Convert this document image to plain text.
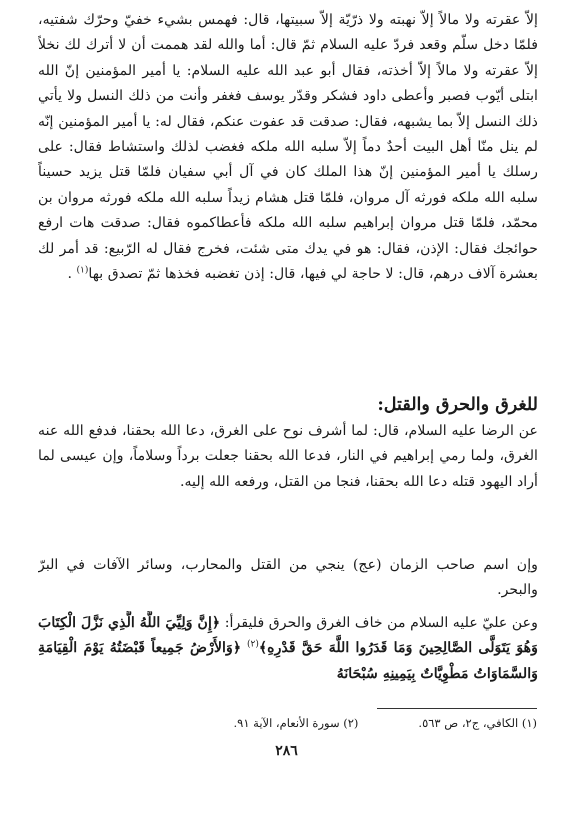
إلاّ عقرته ولا مالاً إلاّ نهبته ولا ذرّيّة إلاّ سبيتها، قال: فهمس بشيء خفيّ وحرّك شفتيه، فلمّا دخل سلّم وقعد فردّ عليه السلام ثمّ قال: أما والله لقد هممت أن لا أترك لك نخلاً إلاّ عقرته ولا مالاً إلاّ أخذته، فقال أبو عبد الله عليه السلام: يا أمير المؤمنين إنّ الله ابتلى أيّوب فصبر وأعطى داود فشكر وقدّر يوسف فغفر وأنت من ذلك النسل ولا يأتي ذلك النسل إلاّ بما يشبهه، فقال: صدقت قد عفوت عنكم، فقال له: يا أمير المؤمنين إنّه لم ينل منّا أهل البيت أحدٌ دماً إلاّ سلبه الله ملكه فغضب لذلك واستشاط فقال: على رسلك يا أمير المؤمنين إنّ هذا الملك كان في آل أبي سفيان فلمّا قتل يزيد حسيناً سلبه الله ملكه فورثه آل مروان، فلمّا قتل هشام زيداً سلبه الله ملكه فورثه مروان بن محمّد، فلمّا قتل مروان إبراهيم سلبه الله ملكه فأعطاكموه فقال: صدقت هات ارفع حوائجك فقال: الإذن، فقال: هو في يدك متى شئت، فخرج فقال له الرّبيع: قد أمر لك بعشرة آلاف درهم، قال: لا حاجة لي فيها، قال: إذن تغضبه فخذها ثمّ تصدق بها$^{(١)}$ .

للغرق والحرق والقتل:

عن الرضا عليه السلام، قال: لما أشرف نوح على الغرق، دعا الله بحقنا، فدفع الله عنه الغرق، ولما رمي إبراهيم في النار، فدعا الله بحقنا جعلت برداً وسلاماً، وإن عيسى لما أراد اليهود قتله دعا الله بحقنا، فنجا من القتل، ورفعه الله إليه.

وإن اسم صاحب الزمان (عج) ينجي من القتل والمحارب، وسائر الآفات في البرّ والبحر.

وعن عليّ عليه السلام من خاف الغرق والحرق فليقرأ: ﴿إِنَّ وَلِيِّيَ اللَّهُ الَّذِي نَزَّلَ الْكِتَابَ وَهُوَ يَتَوَلَّى الصَّالِحِينَ وَمَا قَدَرُوا اللَّهَ حَقَّ قَدْرِهِ﴾$^{(٢)}$ ﴿وَالأَرْضُ جَمِيعاً قَبْضَتُهُ يَوْمَ الْقِيَامَةِ وَالسَّمَاوَاتُ مَطْوِيَّاتٌ بِيَمِينِهِ سُبْحَانَهُ

(١) الكافي، ج٢، ص ٥٦٣.
(٢) سورة الأنعام، الآية ٩١.
٢٨٦
